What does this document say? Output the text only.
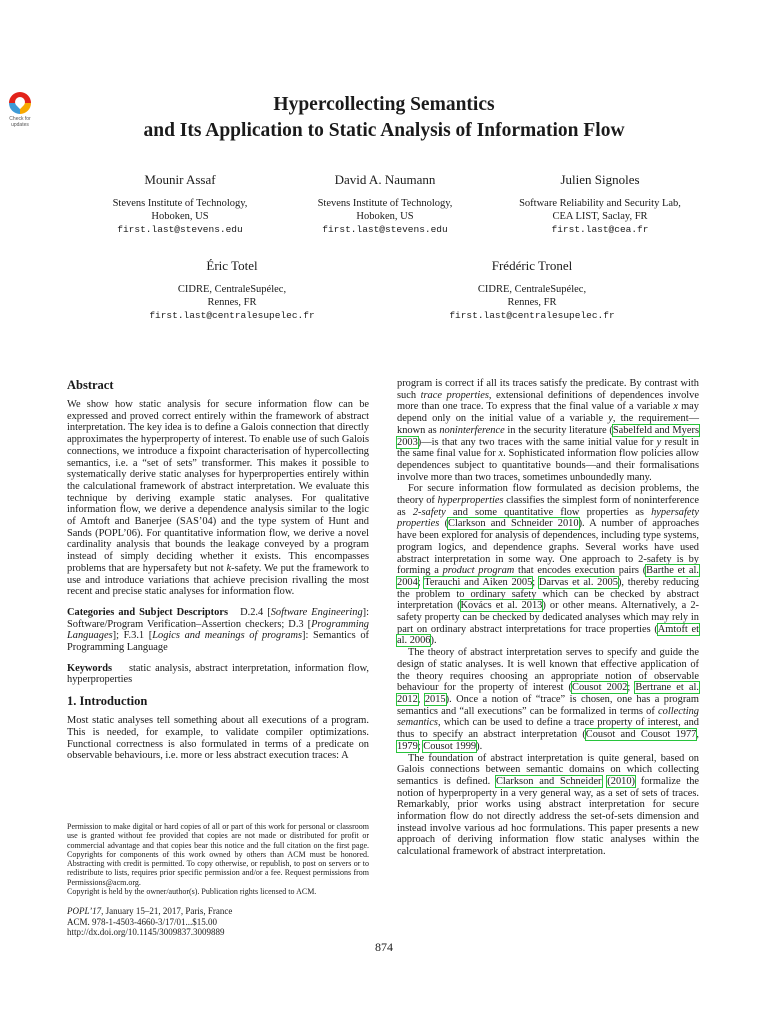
Check for
updates
Hypercollecting Semantics
and Its Application to Static Analysis of Information Flow
Mounir Assaf
Stevens Institute of Technology,
Hoboken, US
first.last@stevens.edu
David A. Naumann
Stevens Institute of Technology,
Hoboken, US
first.last@stevens.edu
Julien Signoles
Software Reliability and Security Lab,
CEA LIST, Saclay, FR
first.last@cea.fr
Éric Totel
CIDRE, CentraleSupélec,
Rennes, FR
first.last@centralesupelec.fr
Frédéric Tronel
CIDRE, CentraleSupélec,
Rennes, FR
first.last@centralesupelec.fr
Abstract

We show how static analysis for secure information flow can be expressed and proved correct entirely within the framework of abstract interpretation. The key idea is to define a Galois connection that directly approximates the hyperproperty of interest. To enable use of such Galois connections, we introduce a fixpoint characterisation of hypercollecting semantics, i.e. a “set of sets” transformer. This makes it possible to systematically derive static analyses for hyperproperties entirely within the calculational framework of abstract interpretation. We evaluate this technique by deriving example static analyses. For qualitative information flow, we derive a dependence analysis similar to the logic of Amtoft and Banerjee (SAS’04) and the type system of Hunt and Sands (POPL’06). For quantitative information flow, we derive a novel cardinality analysis that bounds the leakage conveyed by a program instead of simply deciding whether it exists. This encompasses problems that are hypersafety but not k-safety. We put the framework to use and introduce variations that achieve precision rivalling the most recent and precise static analyses for information flow.

Categories and Subject Descriptors D.2.4 [Software Engineering]: Software/Program Verification–Assertion checkers; D.3 [Programming Languages]; F.3.1 [Logics and meanings of programs]: Semantics of Programming Language

Keywords static analysis, abstract interpretation, information flow, hyperproperties

1. Introduction

Most static analyses tell something about all executions of a program. This is needed, for example, to validate compiler optimizations. Functional correctness is also formulated in terms of a predicate on observable behaviours, i.e. more or less abstract execution traces: A

Permission to make digital or hard copies of all or part of this work for personal or classroom use is granted without fee provided that copies are not made or distributed for profit or commercial advantage and that copies bear this notice and the full citation on the first page. Copyrights for components of this work owned by others than ACM must be honored. Abstracting with credit is permitted. To copy otherwise, or republish, to post on servers or to redistribute to lists, requires prior specific permission and/or a fee. Request permissions from Permissions@acm.org.

Copyright is held by the owner/author(s). Publication rights licensed to ACM.

POPL’17, January 15–21, 2017, Paris, France
ACM. 978-1-4503-4660-3/17/01...$15.00
http://dx.doi.org/10.1145/3009837.3009889

program is correct if all its traces satisfy the predicate. By contrast with such trace properties, extensional definitions of dependences involve more than one trace. To express that the final value of a variable x may depend only on the initial value of a variable y, the requirement—known as noninterference in the security literature (Sabelfeld and Myers 2003)—is that any two traces with the same initial value for y result in the same final value for x. Sophisticated information flow policies allow dependences subject to quantitative bounds—and their formalisations involve more than two traces, sometimes unboundedly many.

For secure information flow formulated as decision problems, the theory of hyperproperties classifies the simplest form of noninterference as 2-safety and some quantitative flow properties as hypersafety properties (Clarkson and Schneider 2010). A number of approaches have been explored for analysis of dependences, including type systems, program logics, and dependence graphs. Several works have used abstract interpretation in some way. One approach to 2-safety is by forming a product program that encodes execution pairs (Barthe et al. 2004; Terauchi and Aiken 2005; Darvas et al. 2005), thereby reducing the problem to ordinary safety which can be checked by abstract interpretation (Kovács et al. 2013) or other means. Alternatively, a 2-safety property can be checked by dedicated analyses which may rely in part on ordinary abstract interpretations for trace properties (Amtoft et al. 2006).

The theory of abstract interpretation serves to specify and guide the design of static analyses. It is well known that effective application of the theory requires choosing an appropriate notion of observable behaviour for the property of interest (Cousot 2002; Bertrane et al. 2012, 2015). Once a notion of “trace” is chosen, one has a program semantics and “all executions” can be formalized in terms of collecting semantics, which can be used to define a trace property of interest, and thus to specify an abstract interpretation (Cousot and Cousot 1977, 1979; Cousot 1999).

The foundation of abstract interpretation is quite general, based on Galois connections between semantic domains on which collecting semantics is defined. Clarkson and Schneider (2010) formalize the notion of hyperproperty in a very general way, as a set of sets of traces. Remarkably, prior works using abstract interpretation for secure information flow do not directly address the set-of-sets dimension and instead involve various ad hoc formulations. This paper presents a new approach of deriving information flow static analyses within the calculational framework of abstract interpretation.

874
